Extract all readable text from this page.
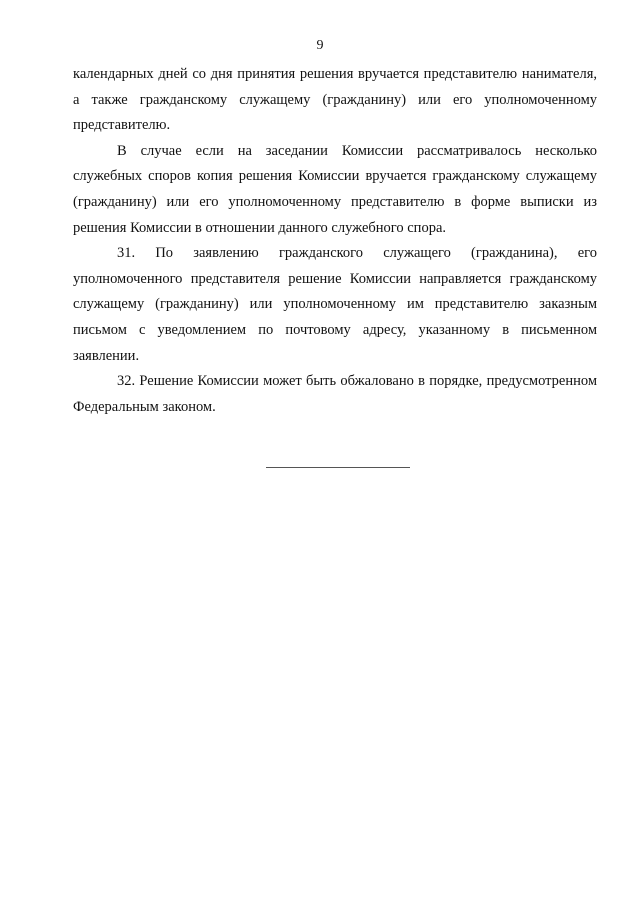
9

календарных дней со дня принятия решения вручается представителю нанимателя, а также гражданскому служащему (гражданину) или его уполномоченному представителю.

В случае если на заседании Комиссии рассматривалось несколько служебных споров копия решения Комиссии вручается гражданскому служащему (гражданину) или его уполномоченному представителю в форме выписки из решения Комиссии в отношении данного служебного спора.

31. По заявлению гражданского служащего (гражданина), его уполномоченного представителя решение Комиссии направляется гражданскому служащему (гражданину) или уполномоченному им представителю заказным письмом с уведомлением по почтовому адресу, указанному в письменном заявлении.

32. Решение Комиссии может быть обжаловано в порядке, предусмотренном Федеральным законом.
